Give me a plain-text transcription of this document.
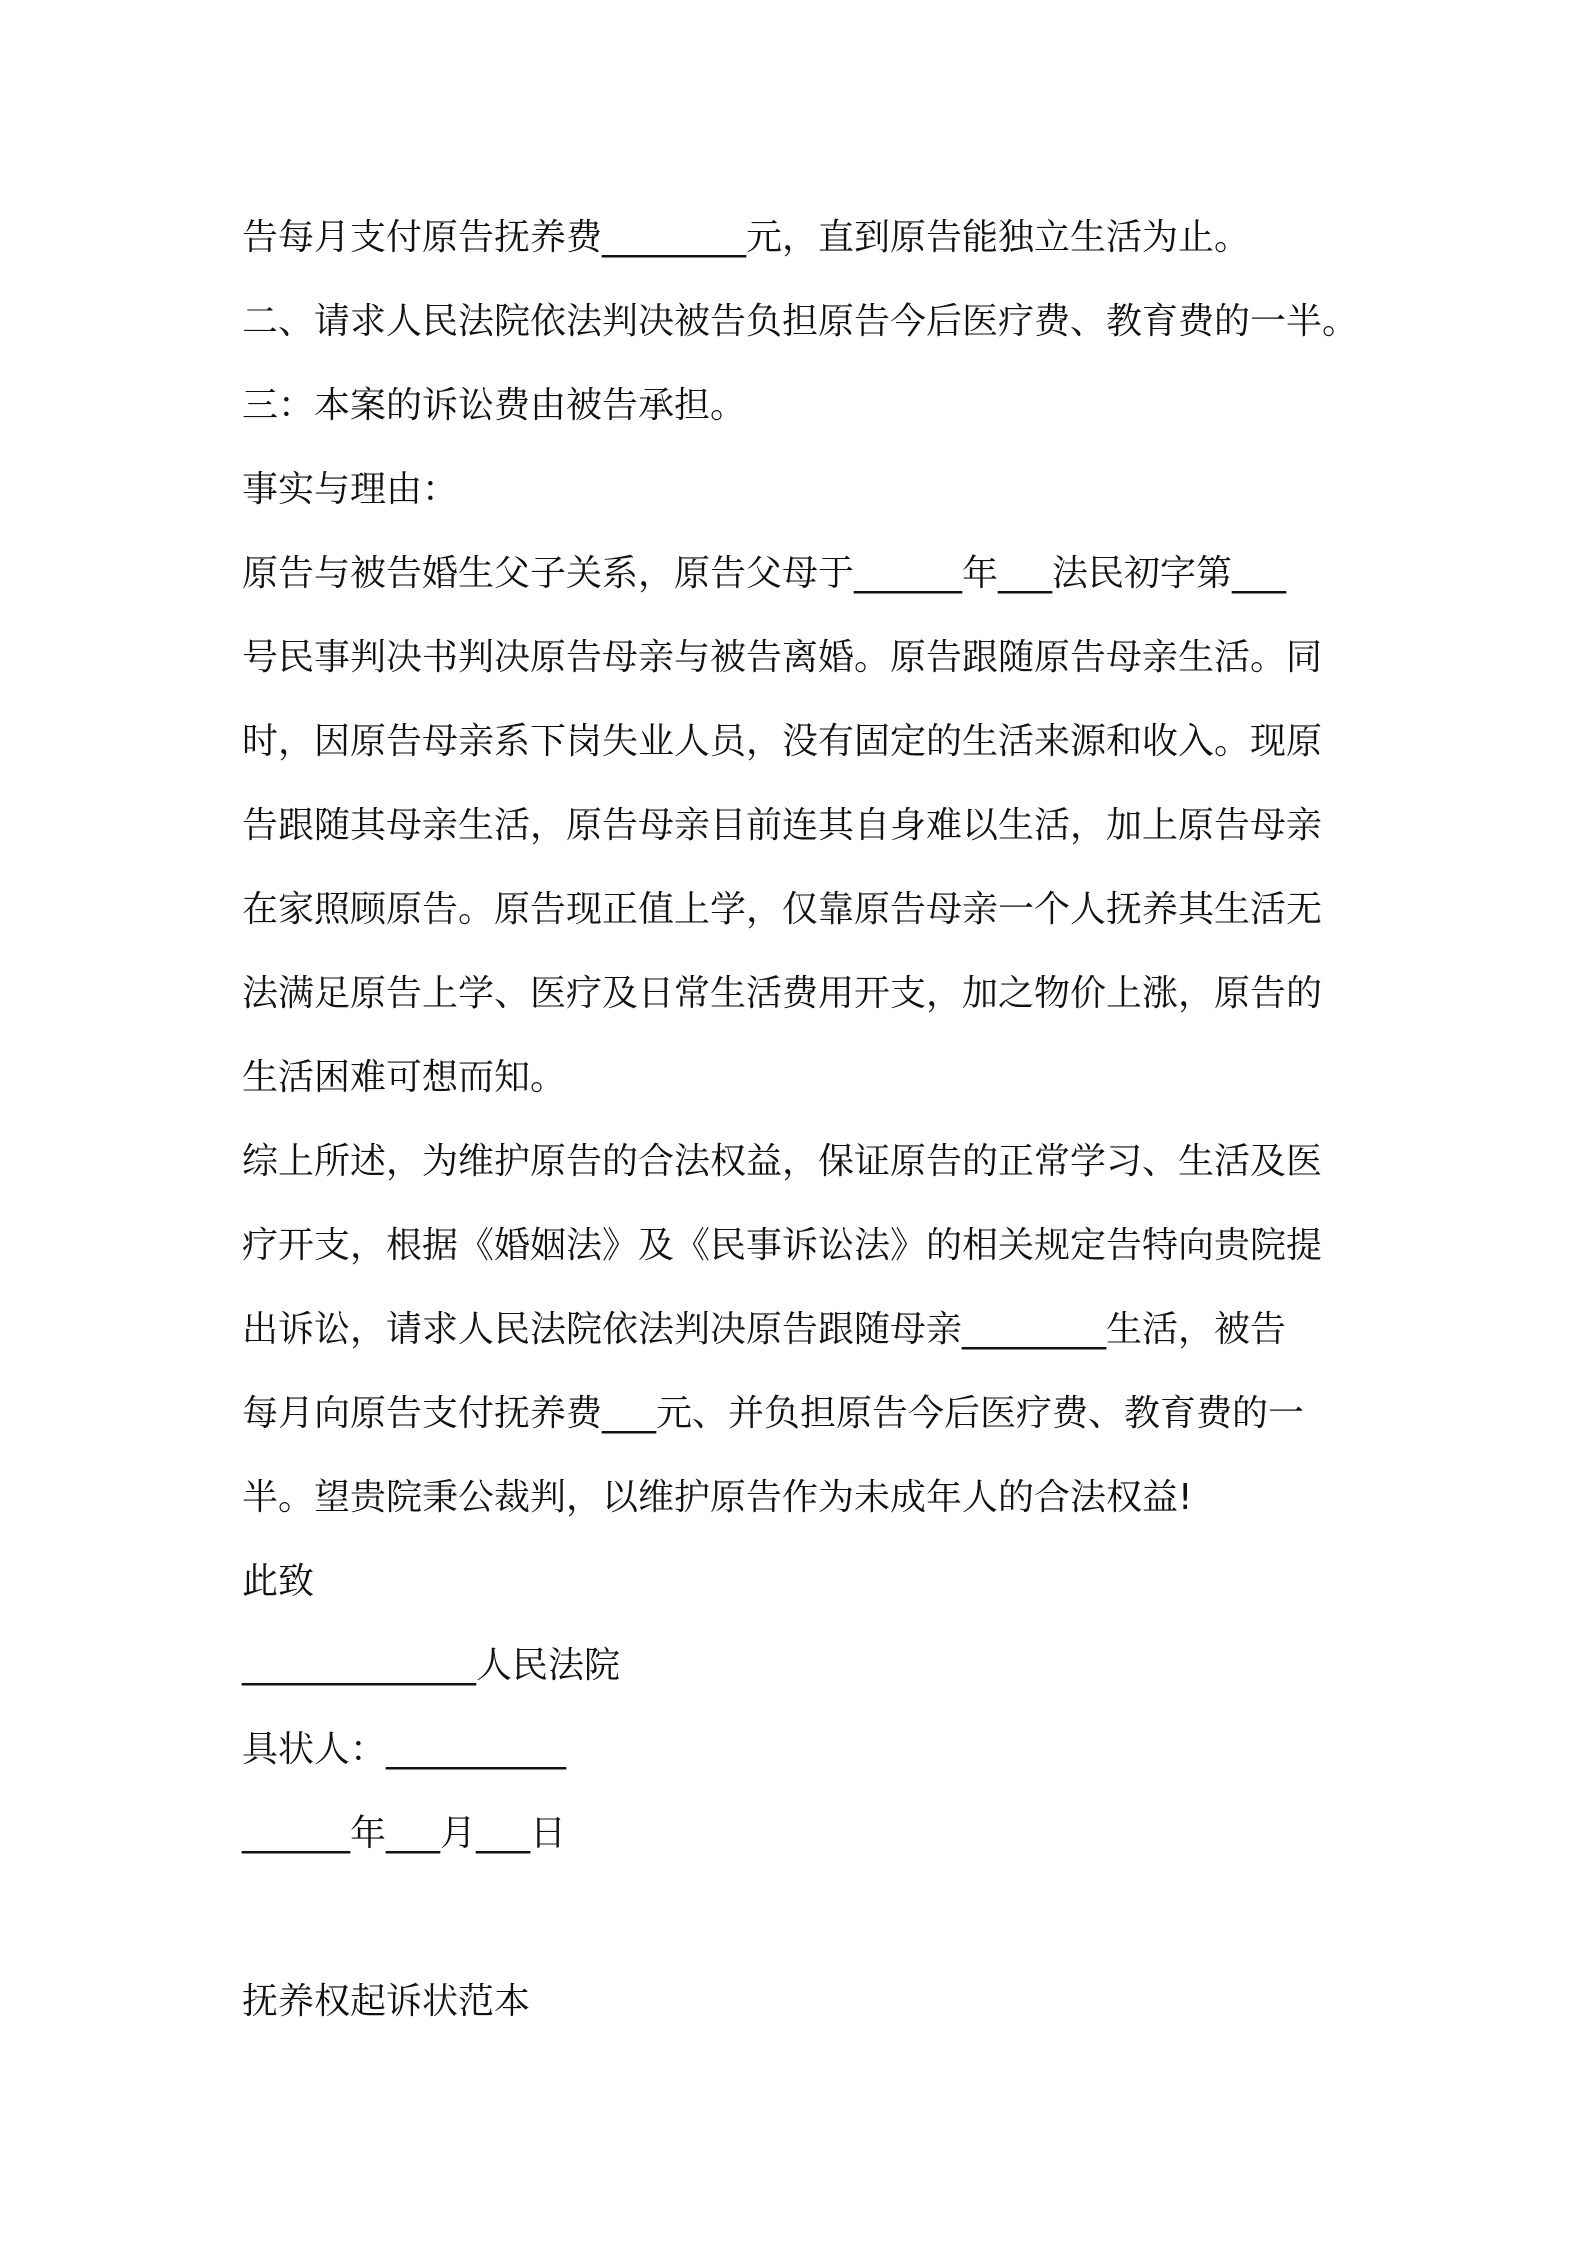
告每月支付原告抚养费________元，直到原告能独立生活为止。
二、请求人民法院依法判决被告负担原告今后医疗费、教育费的一半。
三：本案的诉讼费由被告承担。
事实与理由：
原告与被告婚生父子关系，原告父母于______年___法民初字第___
号民事判决书判决原告母亲与被告离婚。原告跟随原告母亲生活。同
时，因原告母亲系下岗失业人员，没有固定的生活来源和收入。现原
告跟随其母亲生活，原告母亲目前连其自身难以生活，加上原告母亲
在家照顾原告。原告现正值上学，仅靠原告母亲一个人抚养其生活无
法满足原告上学、医疗及日常生活费用开支，加之物价上涨，原告的
生活困难可想而知。
综上所述，为维护原告的合法权益，保证原告的正常学习、生活及医
疗开支，根据《婚姻法》及《民事诉讼法》的相关规定告特向贵院提
出诉讼，请求人民法院依法判决原告跟随母亲________生活，被告
每月向原告支付抚养费___元、并负担原告今后医疗费、教育费的一
半。望贵院秉公裁判，以维护原告作为未成年人的合法权益!
此致
_____________人民法院
具状人：__________
______年___月___日
抚养权起诉状范本
